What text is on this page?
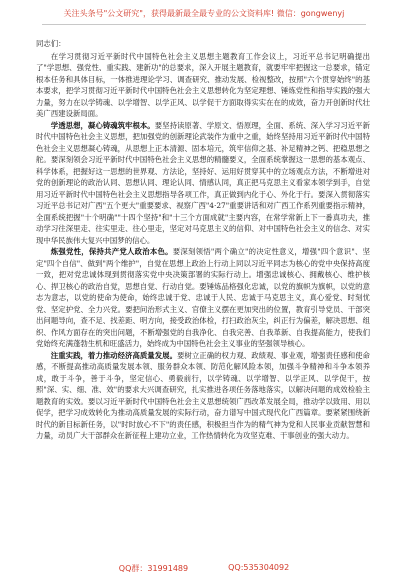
关注头条号"公文研究"，获得最新最全最专业的公文资料库! 微信：gongwenyj

同志们：

在学习贯彻习近平新时代中国特色社会主义思想主题教育工作会议上，习近平总书记明确提出了"学思想、强党性、重实践、建新功"的总要求，深入开展主题教育，就要牢牢把握这一总要求，锚定根本任务和具体目标，一体推进理论学习、调查研究、推动发展、检视整改，按照"六个贯穿始终"的基本要求，把学习贯彻习近平新时代中国特色社会主义思想转化为坚定理想、锤炼党性和指导实践的强大力量，努力在以学铸魂、以学增智、以学正风、以学促干方面取得实实在在的成效，奋力开创新时代壮美广西建设新局面。

学透思想，凝心铸魂筑牢根本。要坚持读原著、学原文、悟原理，全面、系统、深入学习习近平新时代中国特色社会主义思想，把加强党的创新理论武装作为重中之重，始终坚持用习近平新时代中国特色社会主义思想凝心铸魂，从思想上正本清源、固本培元，筑牢信仰之基、补足精神之钙、把稳思想之舵。要深刻领会习近平新时代中国特色社会主义思想的精髓要义，全面系统掌握这一思想的基本观点、科学体系，把握好这一思想的世界观、方法论，坚持好、运用好贯穿其中的立场观点方法，不断增进对党的创新理论的政治认同、思想认同、理论认同、情感认同，真正把马克思主义看家本领学到手，自觉用习近平新时代中国特色社会主义思想指导各项工作，真正做到内化于心、外化于行。要深入贯彻落实习近平总书记对广西"五个更大"重要要求、视察广西"4·27"重要讲话和对广西工作系列重要指示精神，全面系统把握"十个明确""十四个坚持"和"十三个方面成就"主要内容，在常学常新上下一番真功夫，推动学习往深里走、往实里走、往心里走，坚定对马克思主义的信仰、对中国特色社会主义的信念、对实现中华民族伟大复兴中国梦的信心。

炼强党性，保持共产党人政治本色。要深刻领悟"两个确立"的决定性意义，增强"四个意识"、坚定"四个自信"、做到"两个维护"，自觉在思想上政治上行动上同以习近平同志为核心的党中央保持高度一致，把对党忠诚体现到贯彻落实党中央决策部署的实际行动上。增强忠诚核心、拥戴核心、维护核心、捍卫核心的政治自觉，思想自觉、行动自觉。要锤炼品格强化忠诚，以党的旗帜为旗帜，以党的意志为意志，以党的使命为使命，始终忠诚于党、忠诚于人民、忠诚于马克思主义，真心爱党、时刻忧党、坚定护党、全力兴党。要把问治形式主义、官僚主义摆在更加突出的位置，教育引导党员、干部突出问题导向，查不足、找差距、明方向，接受政治体检，打扫政治灰尘，纠正行为偏差，解决思想、组织、作风方面存在的突出问题，不断增强党的自我净化、自我完善、自我革新、自我提高能力，使我们党始终充满蓬勃生机和旺盛活力，始终成为中国特色社会主义事业的坚强领导核心。

注重实践，着力推动经济高质量发展。要树立正确的权力观、政绩观、事业观，增强责任感和使命感，不断提高推动高质量发展本领、服务群众本领、防范化解风险本领，加强斗争精神和斗争本领养成，敢于斗争，善于斗争，坚定信心、勇毅前行，以学铸魂、以学增智、以学正风、以学促干，按照"深、实、细、准、效"的要求大兴调查研究，扎实推进各项任务落地落实，以解决问题的成效检验主题教育的实效。要以习近平新时代中国特色社会主义思想统领广西改革发展全局，推动学以致用、用以促学，把学习成效转化为推动高质量发展的实际行动，奋力谱写中国式现代化广西篇章。要紧紧围绕新时代的新目标新任务，以"时时放心不下"的责任感，积极担当作为的精气神为党和人民事业贡献智慧和力量，动员广大干部群众在新征程上建功立业，工作热情转化为攻坚克难、干事创业的强大动力。

QQ群：31991489	QQ:535304092
